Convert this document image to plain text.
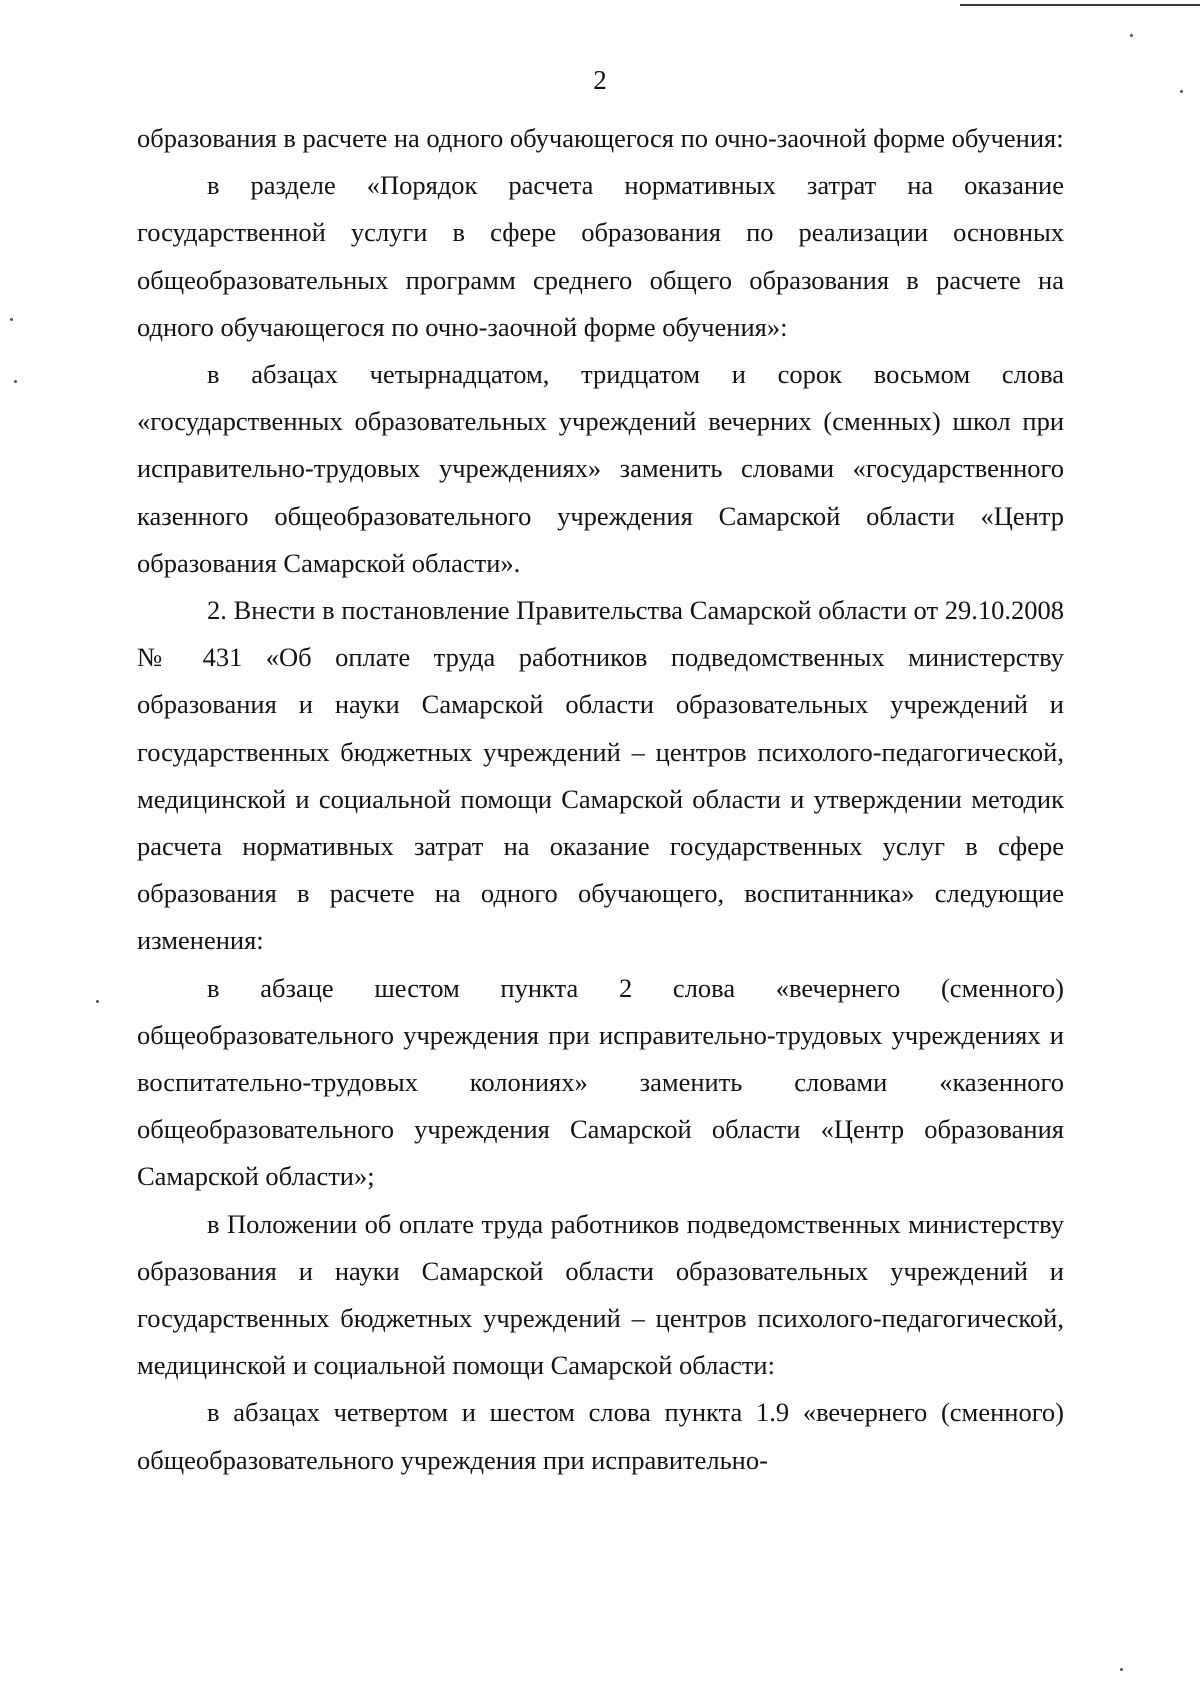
2

образования в расчете на одного обучающегося по очно-заочной форме обучения:

в разделе «Порядок расчета нормативных затрат на оказание государственной услуги в сфере образования по реализации основных общеобразовательных программ среднего общего образования в расчете на одного обучающегося по очно-заочной форме обучения»:

в абзацах четырнадцатом, тридцатом и сорок восьмом слова «государственных образовательных учреждений вечерних (сменных) школ при исправительно-трудовых учреждениях» заменить словами «государственного казенного общеобразовательного учреждения Самарской области «Центр образования Самарской области».

2. Внести в постановление Правительства Самарской области от 29.10.2008 № 431 «Об оплате труда работников подведомственных министерству образования и науки Самарской области образовательных учреждений и государственных бюджетных учреждений – центров психолого-педагогической, медицинской и социальной помощи Самарской области и утверждении методик расчета нормативных затрат на оказание государственных услуг в сфере образования в расчете на одного обучающего, воспитанника» следующие изменения:

в абзаце шестом пункта 2 слова «вечернего (сменного) общеобразовательного учреждения при исправительно-трудовых учреждениях и воспитательно-трудовых колониях» заменить словами «казенного общеобразовательного учреждения Самарской области «Центр образования Самарской области»;

в Положении об оплате труда работников подведомственных министерству образования и науки Самарской области образовательных учреждений и государственных бюджетных учреждений – центров психолого-педагогической, медицинской и социальной помощи Самарской области:

в абзацах четвертом и шестом слова пункта 1.9 «вечернего (сменного) общеобразовательного учреждения при исправительно-
